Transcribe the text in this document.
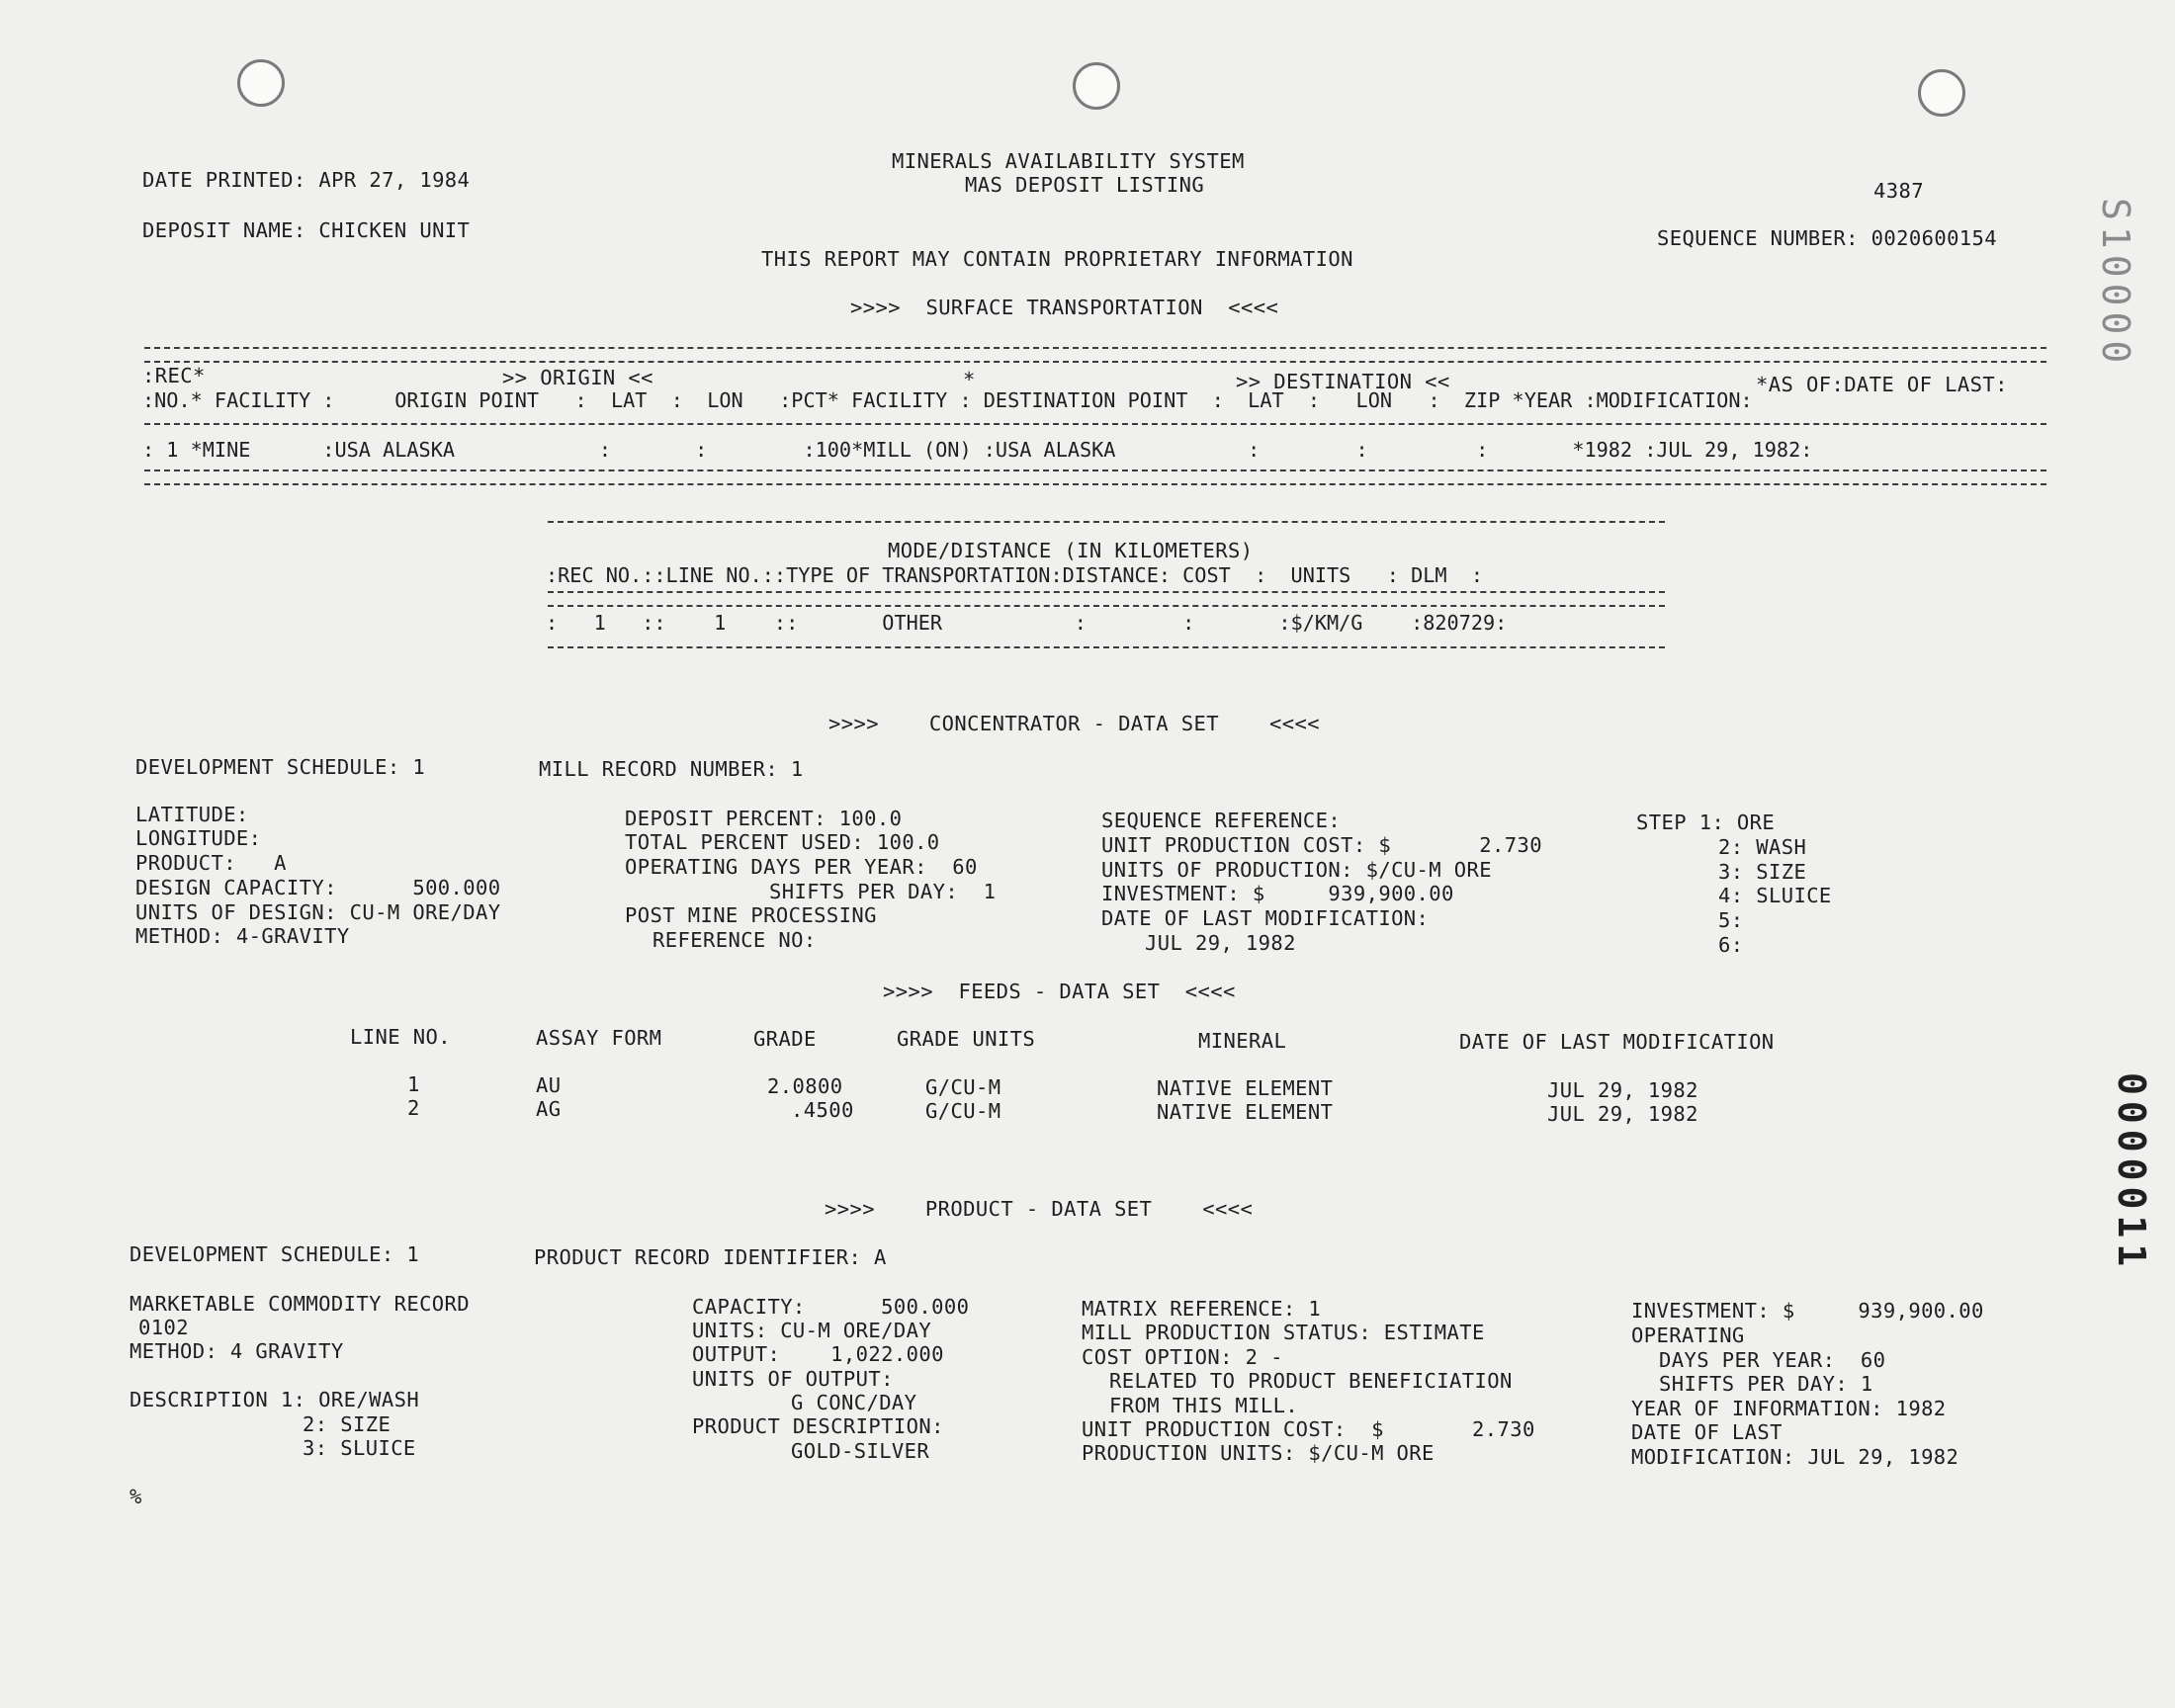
DATE PRINTED: APR 27, 1984
MINERALS AVAILABILITY SYSTEM
MAS DEPOSIT LISTING	4387
DEPOSIT NAME: CHICKEN UNIT	SEQUENCE NUMBER: 0020600154
THIS REPORT MAY CONTAIN PROPRIETARY INFORMATION	S10000
0000011
>>>>  SURFACE TRANSPORTATION  <<<<
:REC*	>> ORIGIN <<	*	>> DESTINATION <<	*AS OF:DATE OF LAST:
:NO.* FACILITY :     ORIGIN POINT   :  LAT  :  LON   :PCT* FACILITY : DESTINATION POINT  :  LAT  :   LON   :  ZIP *YEAR :MODIFICATION:
: 1 *MINE      :USA ALASKA            :       :        :100*MILL (ON) :USA ALASKA           :        :         :       *1982 :JUL 29, 1982:
MODE/DISTANCE (IN KILOMETERS)
:REC NO.::LINE NO.::TYPE OF TRANSPORTATION:DISTANCE: COST  :  UNITS   : DLM  :
:   1   ::    1    ::       OTHER           :        :       :$/KM/G    :820729:
>>>>    CONCENTRATOR - DATA SET    <<<<
DEVELOPMENT SCHEDULE: 1	MILL RECORD NUMBER: 1
LATITUDE:
LONGITUDE:
PRODUCT:   A
DESIGN CAPACITY:      500.000
UNITS OF DESIGN: CU-M ORE/DAY
METHOD: 4-GRAVITY
DEPOSIT PERCENT: 100.0
TOTAL PERCENT USED: 100.0
OPERATING DAYS PER YEAR:  60
SHIFTS PER DAY:  1
POST MINE PROCESSING
REFERENCE NO:
SEQUENCE REFERENCE:
UNIT PRODUCTION COST: $       2.730
UNITS OF PRODUCTION: $/CU-M ORE
INVESTMENT: $     939,900.00
DATE OF LAST MODIFICATION:
JUL 29, 1982
STEP 1: ORE
2: WASH
3: SIZE
4: SLUICE
5:
6:
>>>>  FEEDS - DATA SET  <<<<
LINE NO.	ASSAY FORM	GRADE	GRADE UNITS	MINERAL	DATE OF LAST MODIFICATION
1	AU	2.0800	G/CU-M	NATIVE ELEMENT	JUL 29, 1982
2	AG	.4500	G/CU-M	NATIVE ELEMENT	JUL 29, 1982
>>>>    PRODUCT - DATA SET    <<<<
DEVELOPMENT SCHEDULE: 1	PRODUCT RECORD IDENTIFIER: A
MARKETABLE COMMODITY RECORD
0102
METHOD: 4 GRAVITY
DESCRIPTION 1: ORE/WASH
2: SIZE
3: SLUICE
CAPACITY:      500.000
UNITS: CU-M ORE/DAY
OUTPUT:    1,022.000
UNITS OF OUTPUT:
G CONC/DAY
PRODUCT DESCRIPTION:
GOLD-SILVER
MATRIX REFERENCE: 1
MILL PRODUCTION STATUS: ESTIMATE
COST OPTION: 2 -
RELATED TO PRODUCT BENEFICIATION
FROM THIS MILL.
UNIT PRODUCTION COST:  $       2.730
PRODUCTION UNITS: $/CU-M ORE
INVESTMENT: $     939,900.00
OPERATING
DAYS PER YEAR:  60
SHIFTS PER DAY: 1
YEAR OF INFORMATION: 1982
DATE OF LAST
MODIFICATION: JUL 29, 1982
%
